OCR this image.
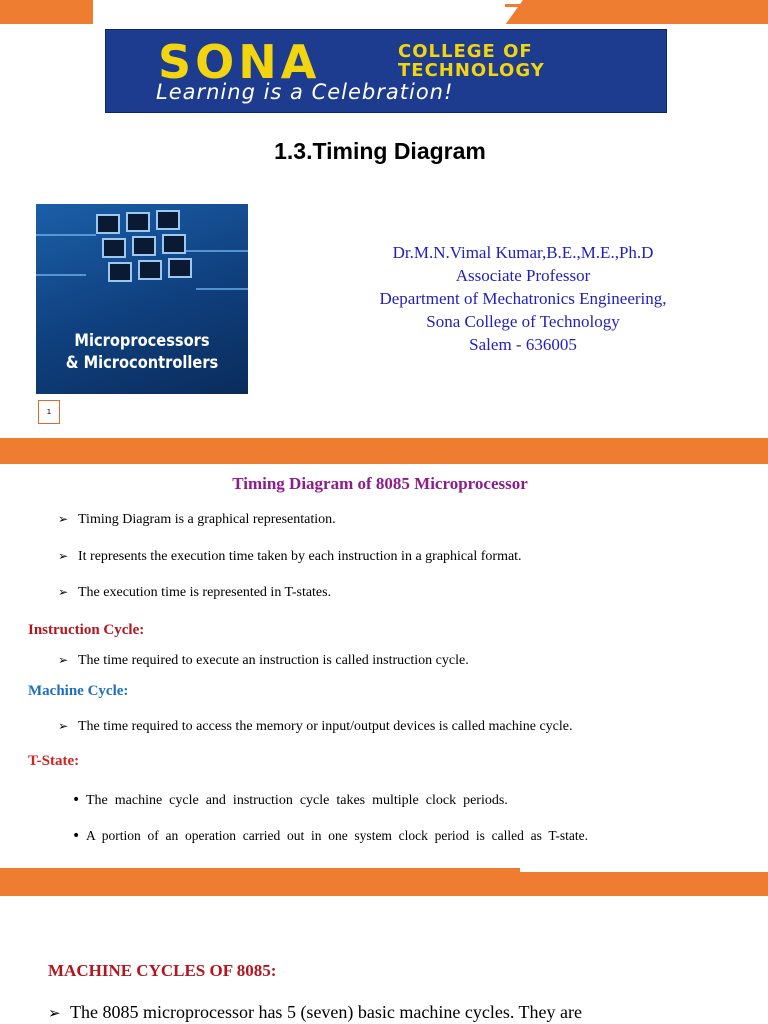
SONA	COLLEGE OF
TECHNOLOGY
Learning is a Celebration!
1.3.Timing Diagram
Microprocessors
& Microcontrollers
Dr.M.N.Vimal Kumar,B.E.,M.E.,Ph.D
Associate Professor
Department of Mechatronics Engineering,
Sona College of Technology
Salem - 636005
1
Timing Diagram of 8085 Microprocessor
➢ Timing Diagram is a graphical representation.
➢ It represents the execution time taken by each instruction in a graphical format.
➢ The execution time is represented in T-states.
Instruction Cycle:
➢ The time required to execute an instruction is called instruction cycle.
Machine Cycle:
➢ The time required to access the memory or input/output devices is called machine cycle.
T-State:
• The  machine  cycle  and  instruction  cycle  takes  multiple  clock  periods.
• A  portion  of  an  operation  carried  out  in  one  system  clock  period  is  called  as  T-state.
MACHINE CYCLES OF 8085:
➢ The 8085 microprocessor has 5 (seven) basic machine cycles. They are
